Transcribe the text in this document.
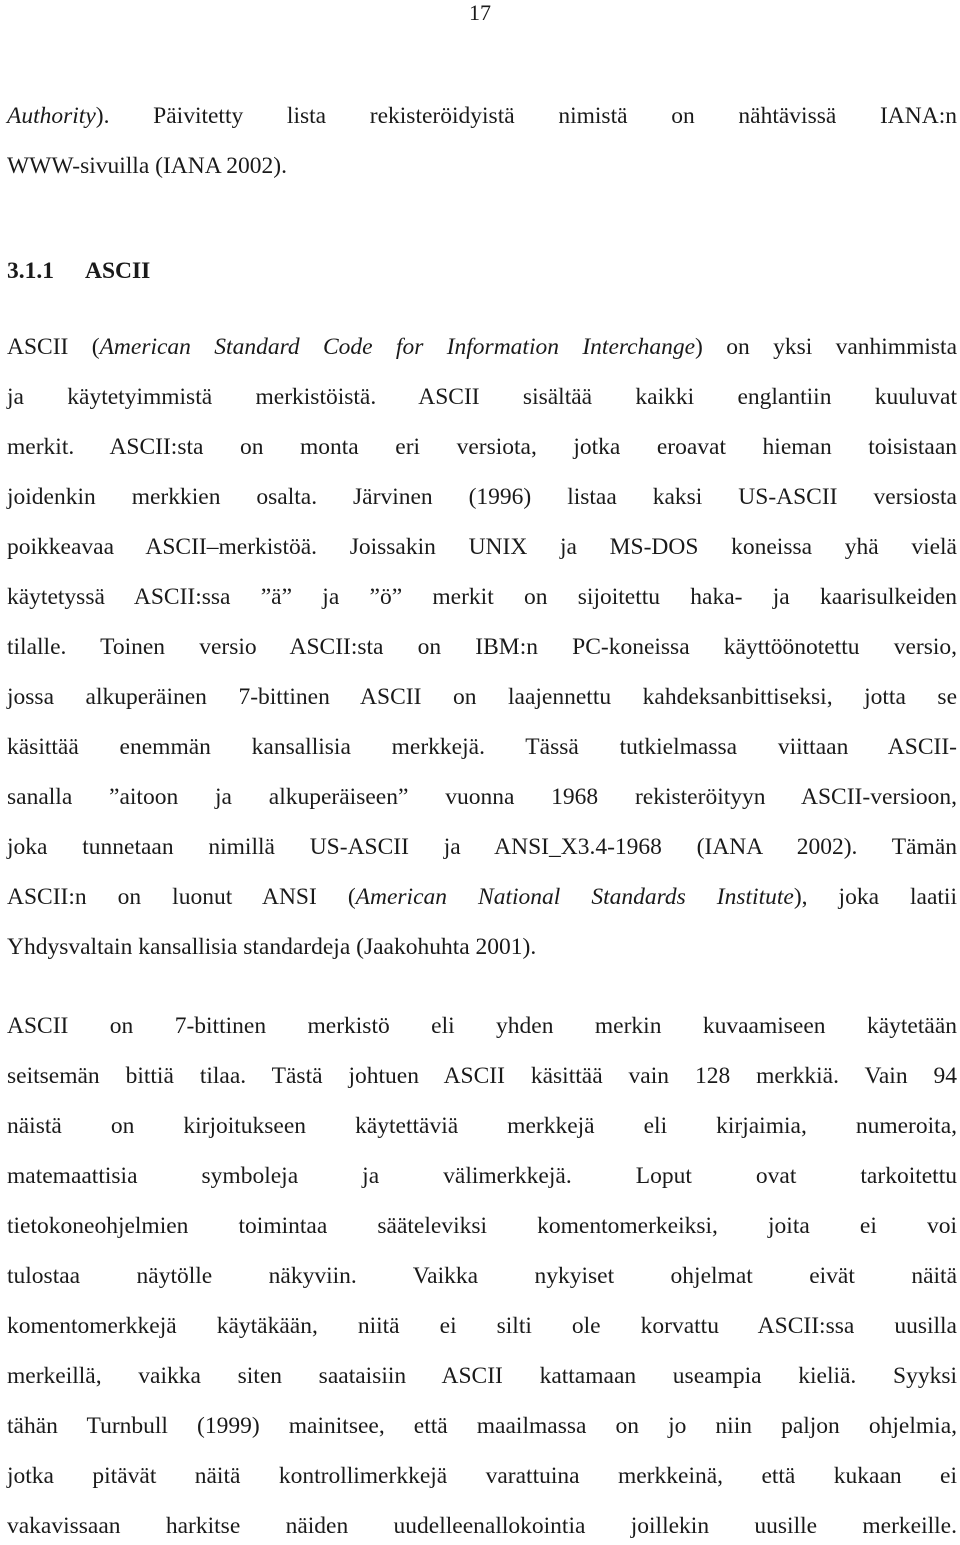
17
Authority). Päivitetty lista rekisteröidyistä nimistä on nähtävissä IANA:n
WWW-sivuilla (IANA 2002).
3.1.1 ASCII
ASCII (American Standard Code for Information Interchange) on yksi vanhimmista
ja käytetyimmistä merkistöistä. ASCII sisältää kaikki englantiin kuuluvat
merkit. ASCII:sta on monta eri versiota, jotka eroavat hieman toisistaan
joidenkin merkkien osalta. Järvinen (1996) listaa kaksi US-ASCII versiosta
poikkeavaa ASCII–merkistöä. Joissakin UNIX ja MS-DOS koneissa yhä vielä
käytetyssä ASCII:ssa ”ä” ja ”ö” merkit on sijoitettu haka- ja kaarisulkeiden
tilalle. Toinen versio ASCII:sta on IBM:n PC-koneissa käyttöönotettu versio,
jossa alkuperäinen 7-bittinen ASCII on laajennettu kahdeksanbittiseksi, jotta se
käsittää enemmän kansallisia merkkejä. Tässä tutkielmassa viittaan ASCII-
sanalla ”aitoon ja alkuperäiseen” vuonna 1968 rekisteröityyn ASCII-versioon,
joka tunnetaan nimillä US-ASCII ja ANSI_X3.4-1968 (IANA 2002). Tämän
ASCII:n on luonut ANSI (American National Standards Institute), joka laatii
Yhdysvaltain kansallisia standardeja (Jaakohuhta 2001).
ASCII on 7-bittinen merkistö eli yhden merkin kuvaamiseen käytetään
seitsemän bittiä tilaa. Tästä johtuen ASCII käsittää vain 128 merkkiä. Vain 94
näistä on kirjoitukseen käytettäviä merkkejä eli kirjaimia, numeroita,
matemaattisia symboleja ja välimerkkejä. Loput ovat tarkoitettu
tietokoneohjelmien toimintaa sääteleviksi komentomerkeiksi, joita ei voi
tulostaa näytölle näkyviin. Vaikka nykyiset ohjelmat eivät näitä
komentomerkkejä käytäkään, niitä ei silti ole korvattu ASCII:ssa uusilla
merkeillä, vaikka siten saataisiin ASCII kattamaan useampia kieliä. Syyksi
tähän Turnbull (1999) mainitsee, että maailmassa on jo niin paljon ohjelmia,
jotka pitävät näitä kontrollimerkkejä varattuina merkkeinä, että kukaan ei
vakavissaan harkitse näiden uudelleenallokointia joillekin uusille merkeille.
